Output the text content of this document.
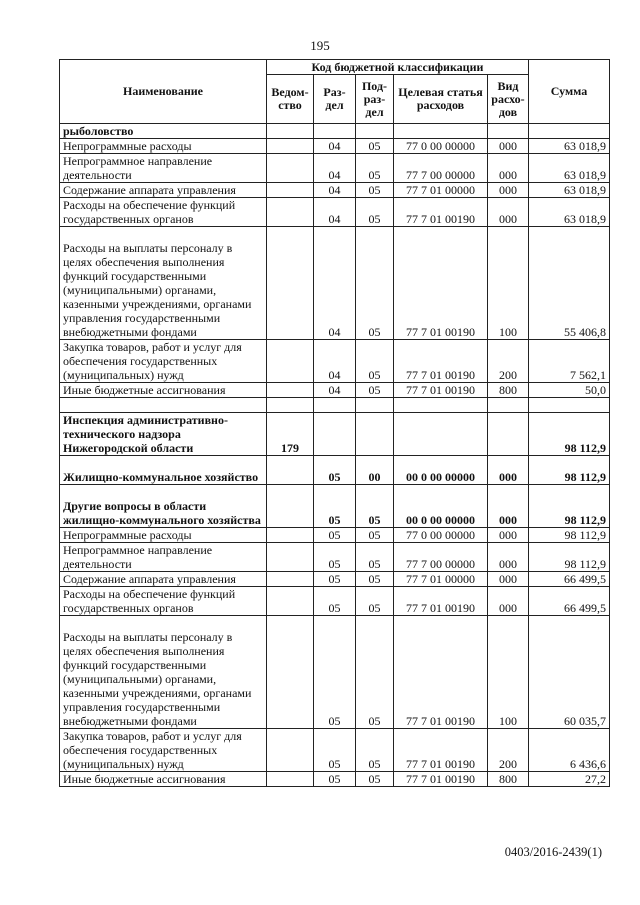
195
Наименование	Код бюджетной классификации					Сумма
	Ведом-ство	Раз-дел	Под-раз-дел	Целевая статья расходов	Вид расхо-дов	
рыболовство						
Непрограммные расходы		04	05	77 0 00 00000	000	63 018,9
Непрограммное направление деятельности		04	05	77 7 00 00000	000	63 018,9
Содержание аппарата управления		04	05	77 7 01 00000	000	63 018,9
Расходы на обеспечение функций государственных органов		04	05	77 7 01 00190	000	63 018,9
Расходы на выплаты персоналу в целях обеспечения выполнения функций государственными (муниципальными) органами, казенными учреждениями, органами управления государственными внебюджетными фондами		04	05	77 7 01 00190	100	55 406,8
Закупка товаров, работ и услуг для обеспечения государственных (муниципальных) нужд		04	05	77 7 01 00190	200	7 562,1
Иные бюджетные ассигнования		04	05	77 7 01 00190	800	50,0

Инспекция административно-технического надзора Нижегородской области	179					98 112,9
Жилищно-коммунальное хозяйство		05	00	00 0 00 00000	000	98 112,9
Другие вопросы в области жилищно-коммунального хозяйства		05	05	00 0 00 00000	000	98 112,9
Непрограммные расходы		05	05	77 0 00 00000	000	98 112,9
Непрограммное направление деятельности		05	05	77 7 00 00000	000	98 112,9
Содержание аппарата управления		05	05	77 7 01 00000	000	66 499,5
Расходы на обеспечение функций государственных органов		05	05	77 7 01 00190	000	66 499,5
Расходы на выплаты персоналу в целях обеспечения выполнения функций государственными (муниципальными) органами, казенными учреждениями, органами управления государственными внебюджетными фондами		05	05	77 7 01 00190	100	60 035,7
Закупка товаров, работ и услуг для обеспечения государственных (муниципальных) нужд		05	05	77 7 01 00190	200	6 436,6
Иные бюджетные ассигнования		05	05	77 7 01 00190	800	27,2
0403/2016-2439(1)
